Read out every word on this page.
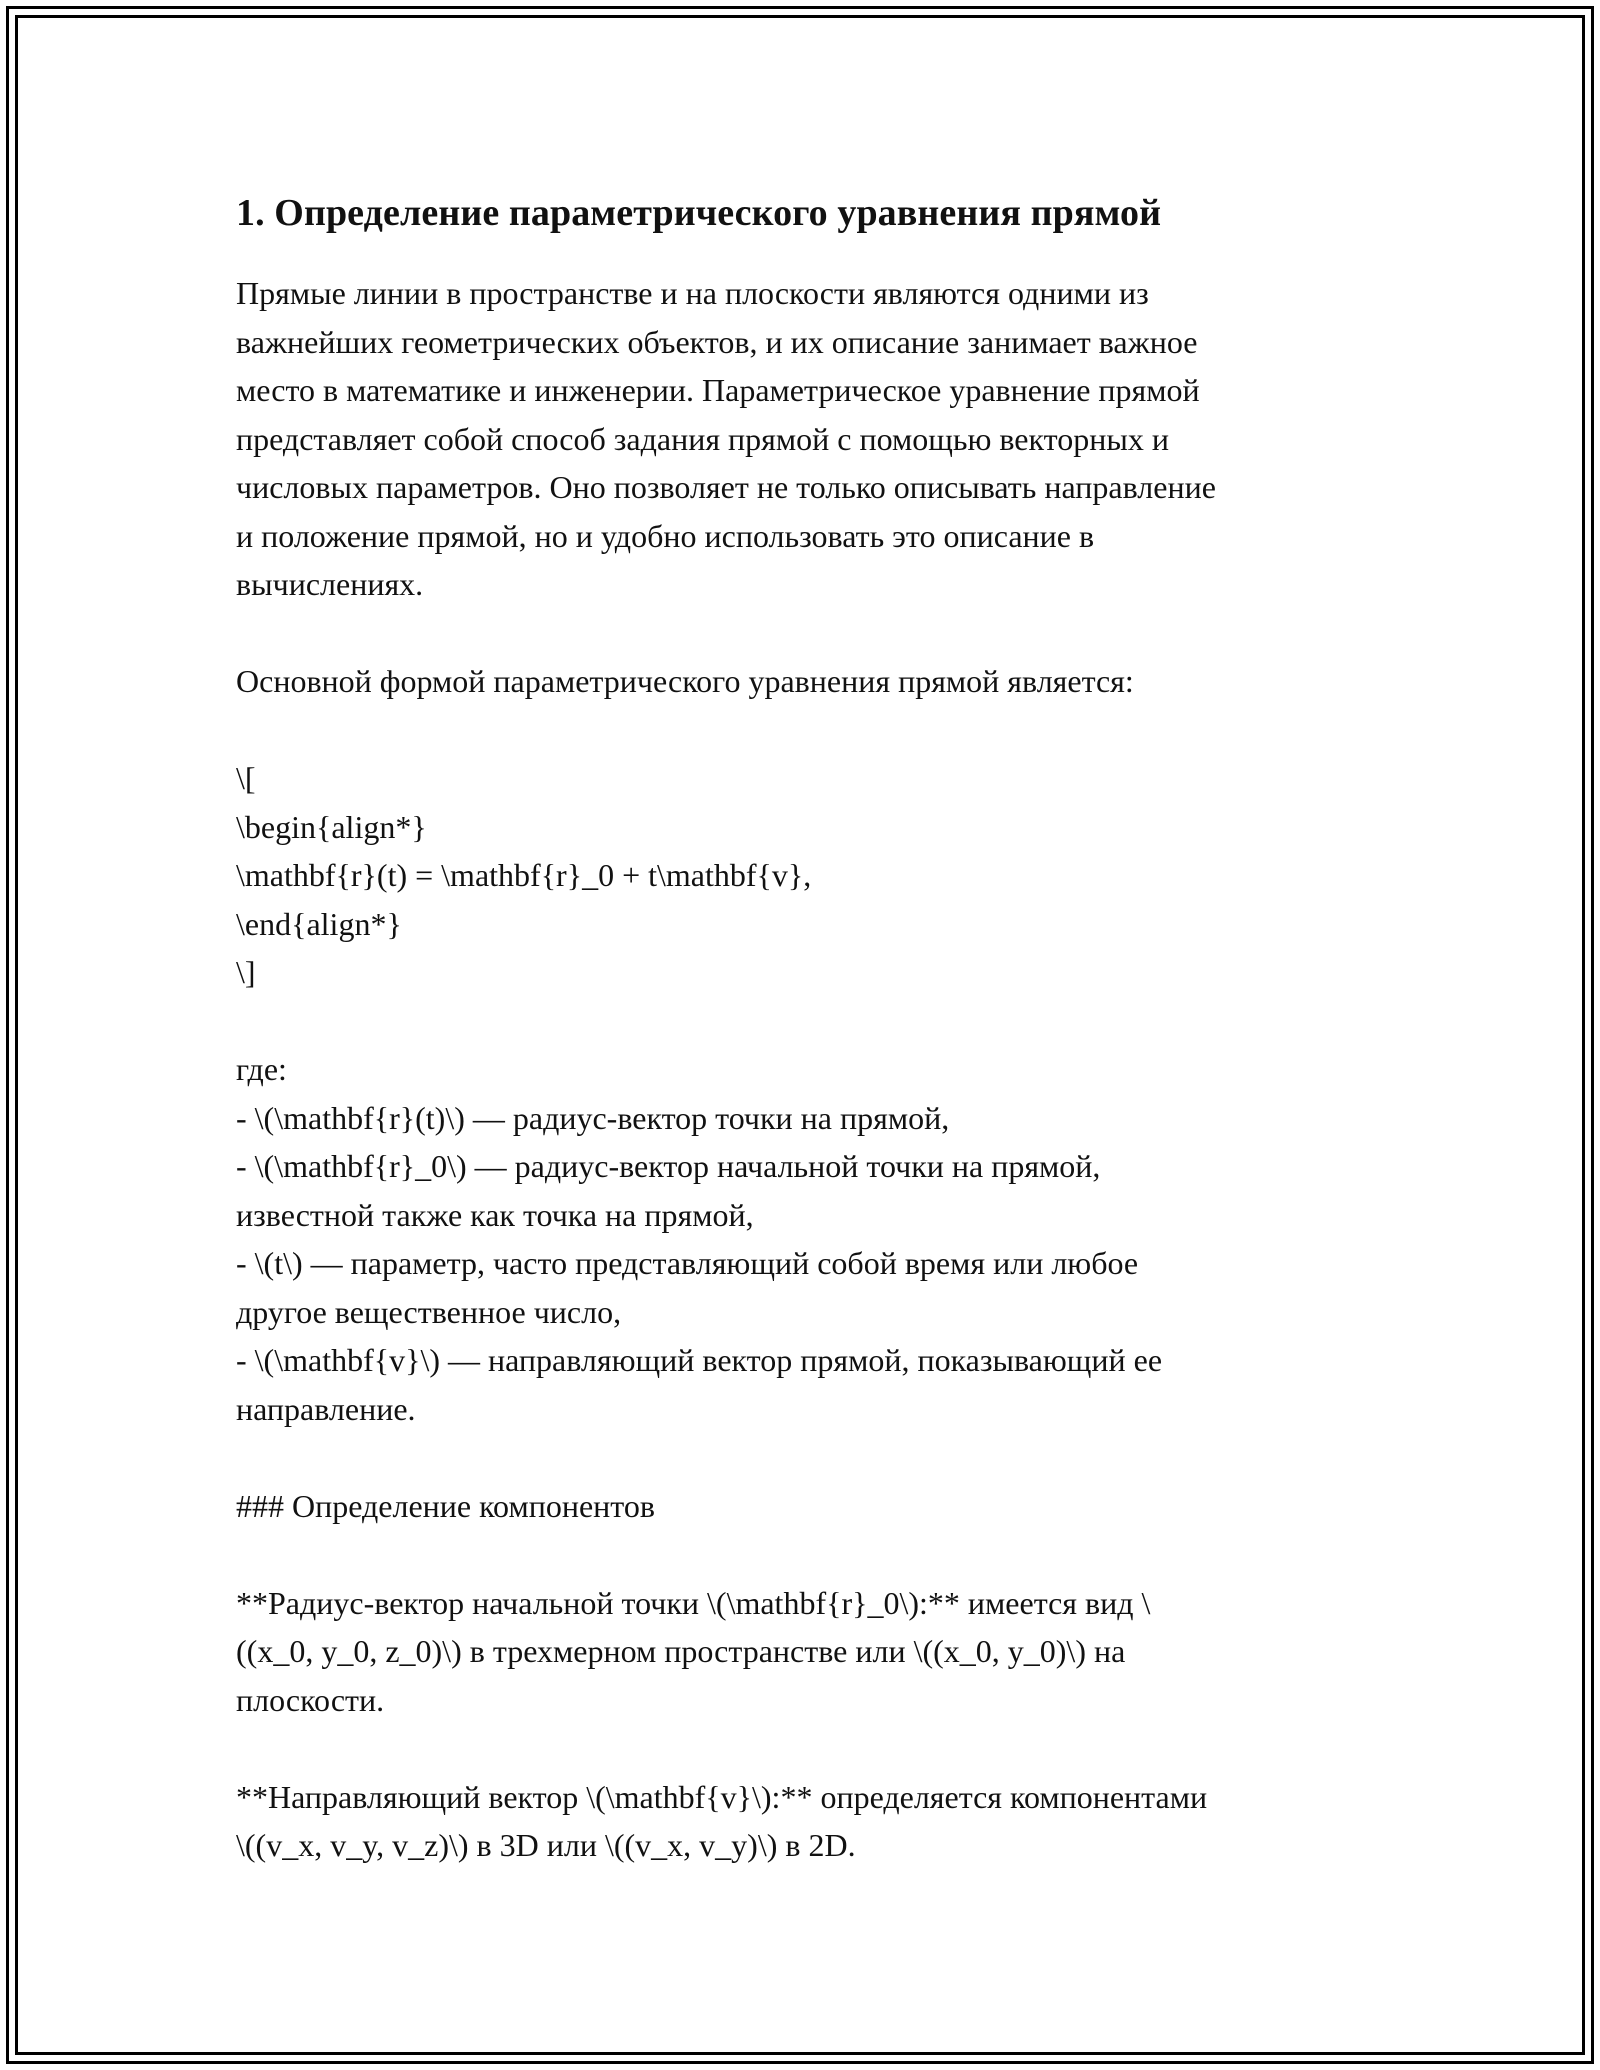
1. Определение параметрического уравнения прямой

Прямые линии в пространстве и на плоскости являются одними из
важнейших геометрических объектов, и их описание занимает важное
место в математике и инженерии. Параметрическое уравнение прямой
представляет собой способ задания прямой с помощью векторных и
числовых параметров. Оно позволяет не только описывать направление
и положение прямой, но и удобно использовать это описание в
вычислениях.

Основной формой параметрического уравнения прямой является:

\[
\begin{align*}
\mathbf{r}(t) = \mathbf{r}_0 + t\mathbf{v},
\end{align*}
\]

где:
- \(\mathbf{r}(t)\) — радиус-вектор точки на прямой,
- \(\mathbf{r}_0\) — радиус-вектор начальной точки на прямой,
известной также как точка на прямой,
- \(t\) — параметр, часто представляющий собой время или любое
другое вещественное число,
- \(\mathbf{v}\) — направляющий вектор прямой, показывающий ее
направление.

### Определение компонентов

**Радиус-вектор начальной точки \(\mathbf{r}_0\):** имеется вид \
((x_0, y_0, z_0)\) в трехмерном пространстве или \((x_0, y_0)\) на
плоскости.

**Направляющий вектор \(\mathbf{v}\):** определяется компонентами
\((v_x, v_y, v_z)\) в 3D или \((v_x, v_y)\) в 2D.
